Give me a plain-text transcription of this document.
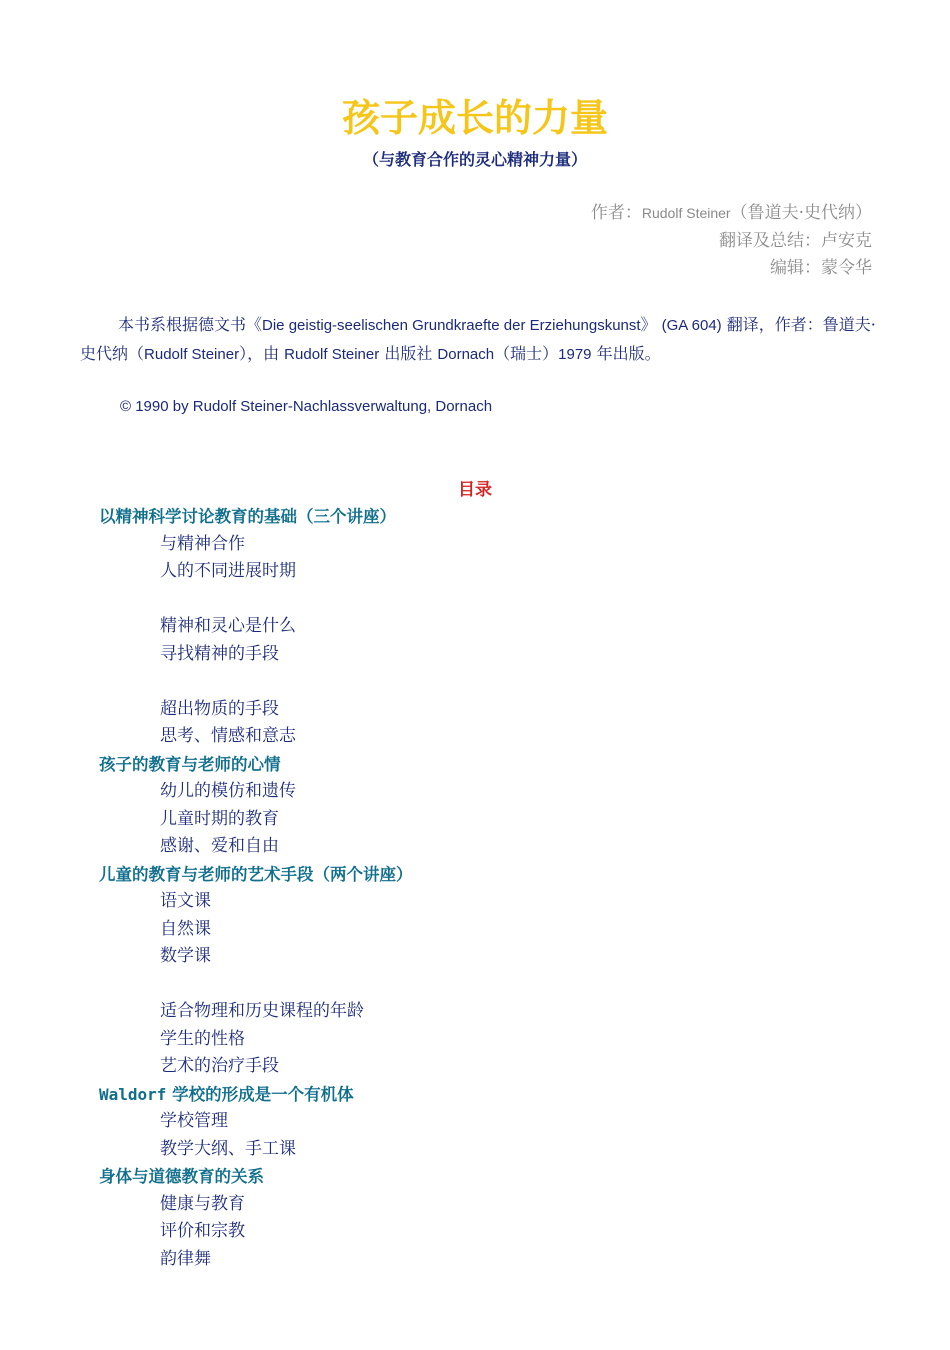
孩子成长的力量
（与教育合作的灵心精神力量）
作者：Rudolf Steiner（鲁道夫·史代纳）
翻译及总结：卢安克
编辑：蒙令华
本书系根据德文书《Die geistig-seelischen Grundkraefte der Erziehungskunst》 (GA 604) 翻译，作者：鲁道夫·史代纳（Rudolf Steiner），由 Rudolf Steiner 出版社 Dornach（瑞士）1979 年出版。
© 1990 by Rudolf Steiner-Nachlassverwaltung, Dornach
目录
以精神科学讨论教育的基础（三个讲座）
与精神合作
人的不同进展时期
精神和灵心是什么
寻找精神的手段
超出物质的手段
思考、情感和意志
孩子的教育与老师的心情
幼儿的模仿和遗传
儿童时期的教育
感谢、爱和自由
儿童的教育与老师的艺术手段（两个讲座）
语文课
自然课
数学课
适合物理和历史课程的年龄
学生的性格
艺术的治疗手段
Waldorf 学校的形成是一个有机体
学校管理
教学大纲、手工课
身体与道德教育的关系
健康与教育
评价和宗教
韵律舞
